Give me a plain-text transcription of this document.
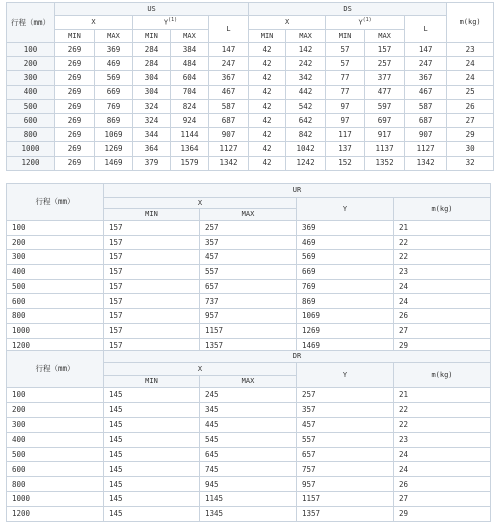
行程（mm）	US					DS					m(kg)
	X		$Y^{(1)}$		L	X		$Y^{(1)}$		L	
	MIN	MAX	MIN	MAX		MIN	MAX	MIN	MAX		
100	269	369	284	384	147	42	142	57	157	147	23
200	269	469	284	484	247	42	242	57	257	247	24
300	269	569	304	604	367	42	342	77	377	367	24
400	269	669	304	704	467	42	442	77	477	467	25
500	269	769	324	824	587	42	542	97	597	587	26
600	269	869	324	924	687	42	642	97	697	687	27
800	269	1069	344	1144	907	42	842	117	917	907	29
1000	269	1269	364	1364	1127	42	1042	137	1137	1127	30
1200	269	1469	379	1579	1342	42	1242	152	1352	1342	32
行程（mm）	UR			
	X		Y	m(kg)
	MIN	MAX		
100	157	257	369	21
200	157	357	469	22
300	157	457	569	22
400	157	557	669	23
500	157	657	769	24
600	157	737	869	24
800	157	957	1069	26
1000	157	1157	1269	27
1200	157	1357	1469	29
行程（mm）	DR			
	X		Y	m(kg)
	MIN	MAX		
100	145	245	257	21
200	145	345	357	22
300	145	445	457	22
400	145	545	557	23
500	145	645	657	24
600	145	745	757	24
800	145	945	957	26
1000	145	1145	1157	27
1200	145	1345	1357	29
